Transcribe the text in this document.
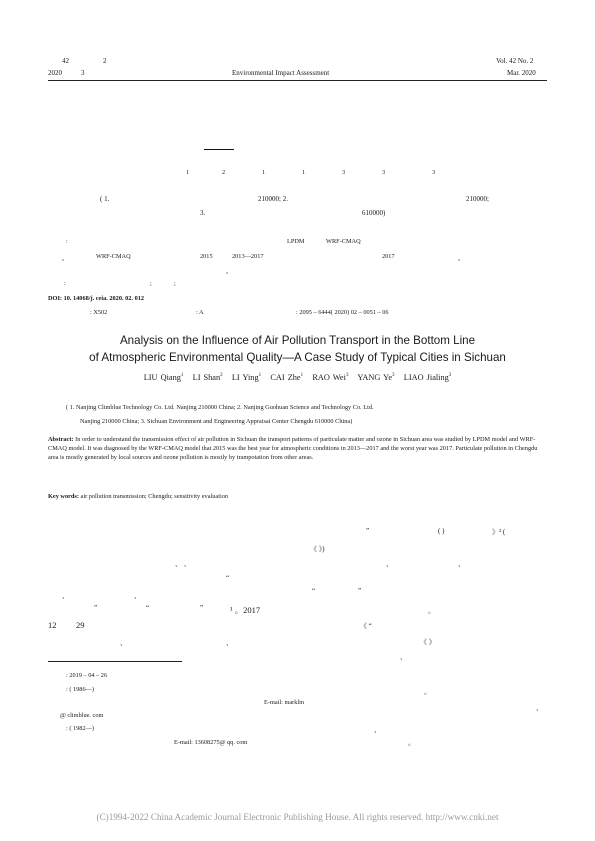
42	2
2020	3	Environmental Impact Assessment
Vol. 42 No. 2
Mar. 2020
1	2	1	1	3	3	3
( 1.	210000; 2.	210000;
3.	610000)
:	LPDM	WRF-CMAQ
。	WRF-CMAQ	2015	2013—2017	2017	。
。
:	;	;
DOI: 10. 14068/j. ceia. 2020. 02. 012
: X502	: A	: 2095 – 6444( 2020) 02 – 0051 – 06
Analysis on the Influence of Air Pollution Transport in the Bottom Line
of Atmospheric Environmental Quality—A Case Study of Typical Cities in Sichuan
LIU Qiang$^1$ LI Shan$^2$ LI Ying$^1$ CAI Zhe$^1$ RAO Wei$^3$ YANG Ye$^3$ LIAO Jialing$^3$
( 1. Nanjing Climblue Technology Co. Ltd. Nanjing 210000 China; 2. Nanjing Guohuan Science and Technology Co. Ltd.
Nanjing 210000 China; 3. Sichuan Environment and Engineering Appraisai Center Chengdu 610000 China)
Abstract: In order to understand the transmission effect of air pollution in Sichuan the transport patterns of particulate matter and ozone in Sichuan area was studied by LPDM model and WRF-CMAQ model. It was diagnosed by the WRF-CMAQ model that 2015 was the best year for atmospheric conditions in 2013—2017 and the worst year was 2017. Particulate pollution in Chengdu area is mostly generated by local sources and ozone pollution is mostly by trampotation from other areas.
Key words: air pollution transmission; Chengdu; sensitivity evaluation
”	( )	》² (
《 》)
、 、	、	、
“
、	、
“	”
”	“	”	¹ 。2017	。
12 29	《 “
、	、	《 》
、
: 2019 – 04 – 26
: ( 1986—)
E-mail: marklin
@ climblue. com
: ( 1982—)
E-mail: 13608275@ qq. com
。
、
、
。
(C)1994-2022 China Academic Journal Electronic Publishing House. All rights reserved. http://www.cnki.net
